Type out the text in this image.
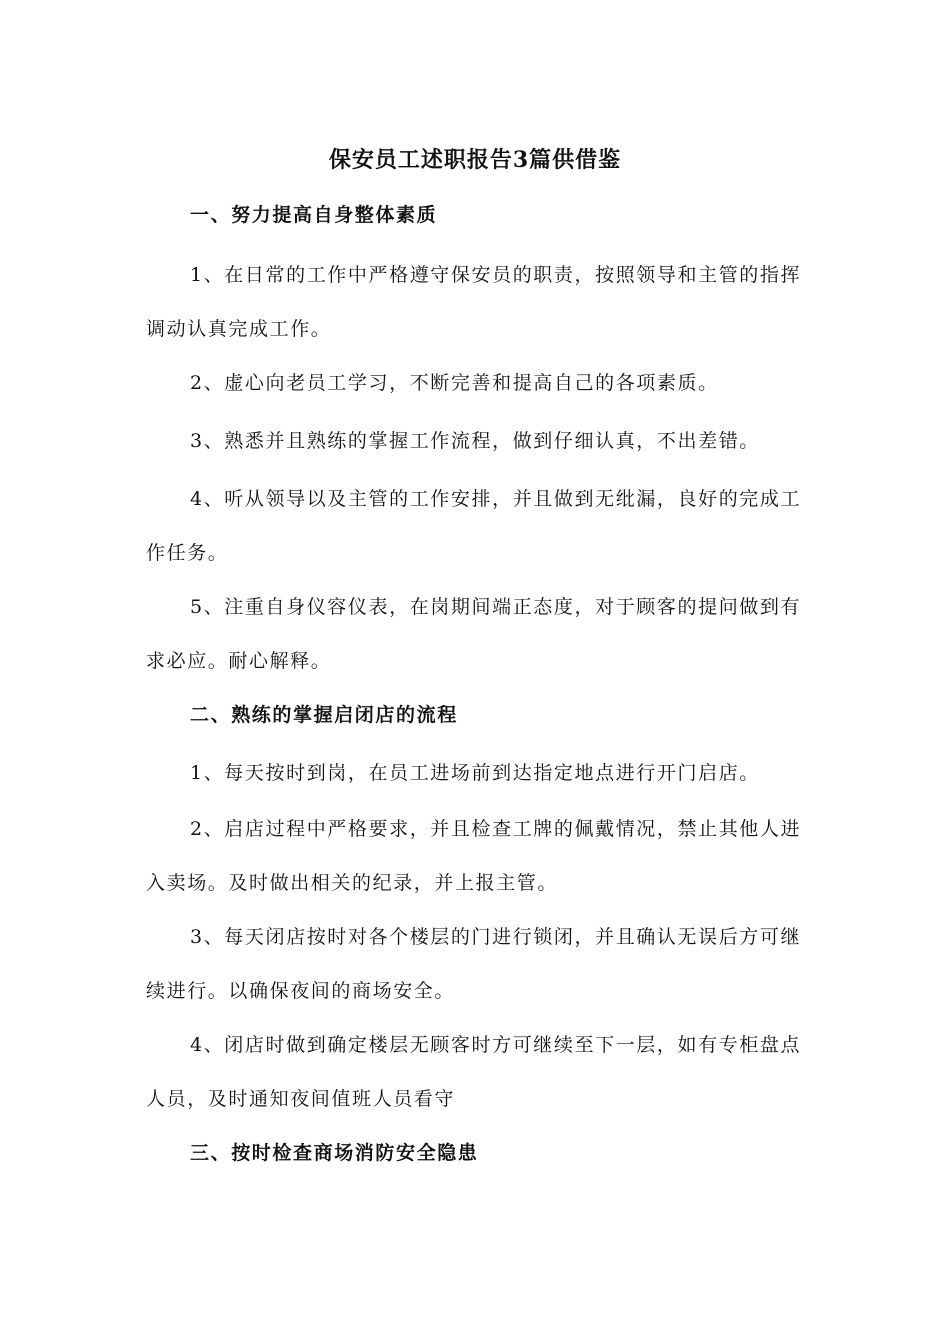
保安员工述职报告3篇供借鉴
一、努力提高自身整体素质
1、在日常的工作中严格遵守保安员的职责，按照领导和主管的指挥调动认真完成工作。
2、虚心向老员工学习，不断完善和提高自己的各项素质。
3、熟悉并且熟练的掌握工作流程，做到仔细认真，不出差错。
4、听从领导以及主管的工作安排，并且做到无纰漏，良好的完成工作任务。
5、注重自身仪容仪表，在岗期间端正态度，对于顾客的提问做到有求必应。耐心解释。
二、熟练的掌握启闭店的流程
1、每天按时到岗，在员工进场前到达指定地点进行开门启店。
2、启店过程中严格要求，并且检查工牌的佩戴情况，禁止其他人进入卖场。及时做出相关的纪录，并上报主管。
3、每天闭店按时对各个楼层的门进行锁闭，并且确认无误后方可继续进行。以确保夜间的商场安全。
4、闭店时做到确定楼层无顾客时方可继续至下一层，如有专柜盘点人员，及时通知夜间值班人员看守
三、按时检查商场消防安全隐患
